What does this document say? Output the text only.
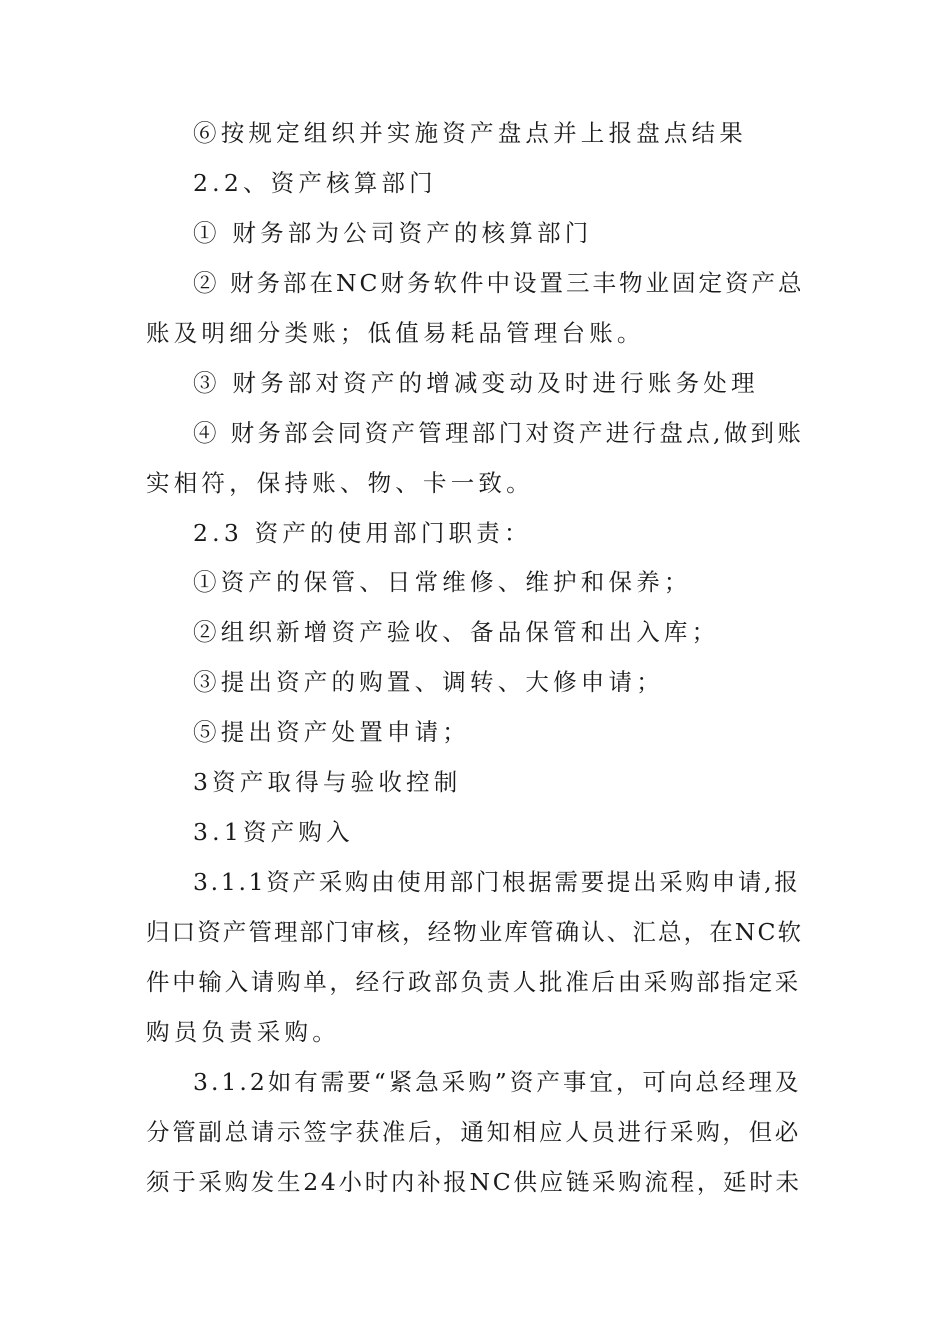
⑥按规定组织并实施资产盘点并上报盘点结果
2.2、资产核算部门
① 财务部为公司资产的核算部门
② 财务部在NC财务软件中设置三丰物业固定资产总
账及明细分类账；低值易耗品管理台账。
③ 财务部对资产的增减变动及时进行账务处理
④ 财务部会同资产管理部门对资产进行盘点,做到账
实相符，保持账、物、卡一致。
2.3 资产的使用部门职责：
①资产的保管、日常维修、维护和保养；
②组织新增资产验收、备品保管和出入库；
③提出资产的购置、调转、大修申请；
⑤提出资产处置申请；
3资产取得与验收控制
3.1资产购入
3.1.1资产采购由使用部门根据需要提出采购申请,报
归口资产管理部门审核，经物业库管确认、汇总，在NC软
件中输入请购单，经行政部负责人批准后由采购部指定采
购员负责采购。
3.1.2如有需要“紧急采购”资产事宜，可向总经理及
分管副总请示签字获准后，通知相应人员进行采购，但必
须于采购发生24小时内补报NC供应链采购流程，延时未
